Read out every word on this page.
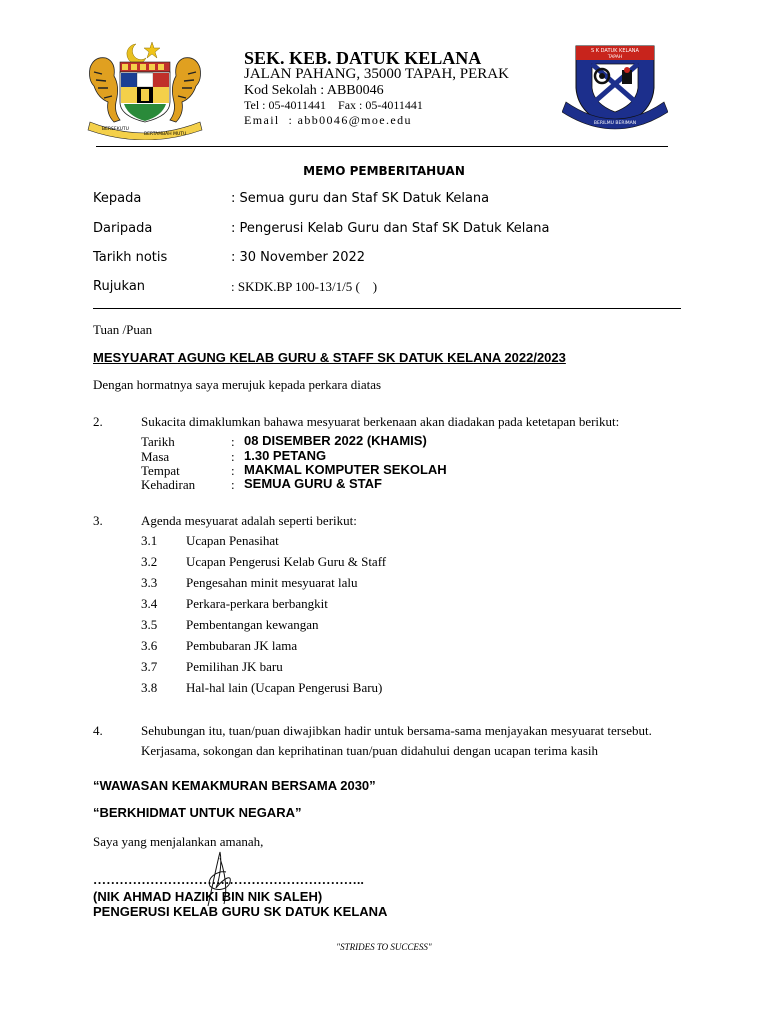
BERSEKUTU
BERTAMBAH MUTU
SEK. KEB. DATUK KELANA
JALAN PAHANG, 35000 TAPAH, PERAK
Kod Sekolah : ABB0046
Tel : 05-4011441    Fax : 05-4011441
Email  : abb0046@moe.edu
S K DATUK KELANA
TAPAH
BERILMU BERIMAN
MEMO PEMBERITAHUAN
Kepada	: Semua guru dan Staf SK Datuk Kelana
Daripada	: Pengerusi Kelab Guru dan Staf SK Datuk Kelana
Tarikh notis	: 30 November 2022
Rujukan	: SKDK.BP 100-13/1/5 (    )
Tuan /Puan
MESYUARAT AGUNG KELAB GURU & STAFF SK DATUK KELANA 2022/2023
Dengan hormatnya saya merujuk kepada perkara diatas
2.	Sukacita dimaklumkan bahawa mesyuarat berkenaan akan diadakan pada ketetapan berikut:
Tarikh	: 08 DISEMBER 2022 (KHAMIS)
Masa	: 1.30 PETANG
Tempat	: MAKMAL KOMPUTER SEKOLAH
Kehadiran	: SEMUA GURU & STAF
3.	Agenda mesyuarat adalah seperti berikut:
3.1 Ucapan Penasihat
3.2 Ucapan Pengerusi Kelab Guru & Staff
3.3 Pengesahan minit mesyuarat lalu
3.4 Perkara-perkara berbangkit
3.5 Pembentangan kewangan
3.6 Pembubaran JK lama
3.7 Pemilihan JK baru
3.8 Hal-hal lain (Ucapan Pengerusi Baru)
4.	Sehubungan itu, tuan/puan diwajibkan hadir untuk bersama-sama menjayakan mesyuarat tersebut.
Kerjasama, sokongan dan keprihatinan tuan/puan didahului dengan ucapan terima kasih
“WAWASAN KEMAKMURAN BERSAMA 2030”
“BERKHIDMAT UNTUK NEGARA”
Saya yang menjalankan amanah,
……………………………………………………..
(NIK AHMAD HAZIKI BIN NIK SALEH)
PENGERUSI KELAB GURU SK DATUK KELANA
"STRIDES TO SUCCESS"
